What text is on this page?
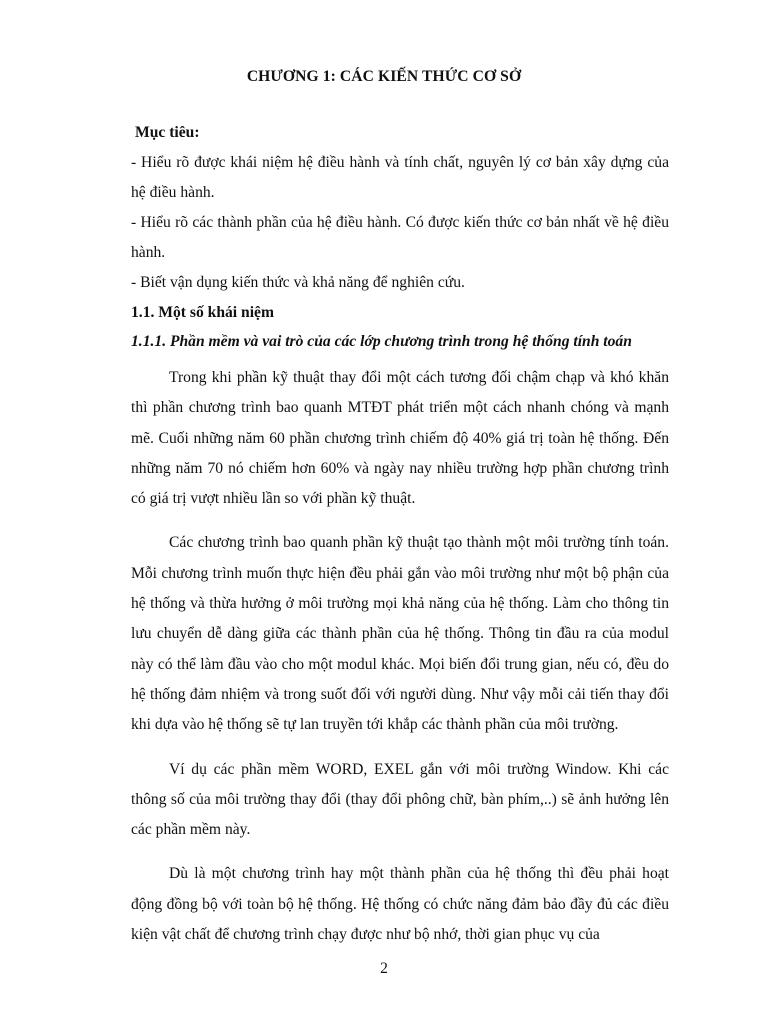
CHƯƠNG 1: CÁC KIẾN THỨC CƠ SỞ
Mục tiêu:
- Hiểu rõ được khái niệm hệ điều hành và tính chất, nguyên lý cơ bản xây dựng của hệ điều hành.
- Hiểu rõ các thành phần của hệ điều hành. Có được kiến thức cơ bản nhất về hệ điều hành.
- Biết vận dụng kiến thức và khả năng để nghiên cứu.
1.1. Một số khái niệm
1.1.1. Phần mềm và vai trò của các lớp chương trình trong hệ thống tính toán

Trong khi phần kỹ thuật thay đổi một cách tương đối chậm chạp và khó khăn thì phần chương trình bao quanh MTĐT phát triển một cách nhanh chóng và mạnh mẽ. Cuối những năm 60 phần chương trình chiếm độ 40% giá trị toàn hệ thống. Đến những năm 70 nó chiếm hơn 60% và ngày nay nhiều trường hợp phần chương trình có giá trị vượt nhiều lần so với phần kỹ thuật.

Các chương trình bao quanh phần kỹ thuật tạo thành một môi trường tính toán. Mỗi chương trình muốn thực hiện đều phải gắn vào môi trường như một bộ phận của hệ thống và thừa hưởng ở môi trường mọi khả năng của hệ thống. Làm cho thông tin lưu chuyển dễ dàng giữa các thành phần của hệ thống. Thông tin đầu ra của modul này có thể làm đầu vào cho một modul khác. Mọi biến đổi trung gian, nếu có, đều do hệ thống đảm nhiệm và trong suốt đối với người dùng. Như vậy mỗi cải tiến thay đổi khi dựa vào hệ thống sẽ tự lan truyền tới khắp các thành phần của môi trường.

Ví dụ các phần mềm WORD, EXEL gắn với môi trường Window. Khi các thông số của môi trường thay đổi (thay đổi phông chữ, bàn phím,..) sẽ ảnh hưởng lên các phần mềm này.

Dù là một chương trình hay một thành phần của hệ thống thì đều phải hoạt động đồng bộ với toàn bộ hệ thống. Hệ thống có chức năng đảm bảo đầy đủ các điều kiện vật chất để chương trình chạy được như bộ nhớ, thời gian phục vụ của

2
